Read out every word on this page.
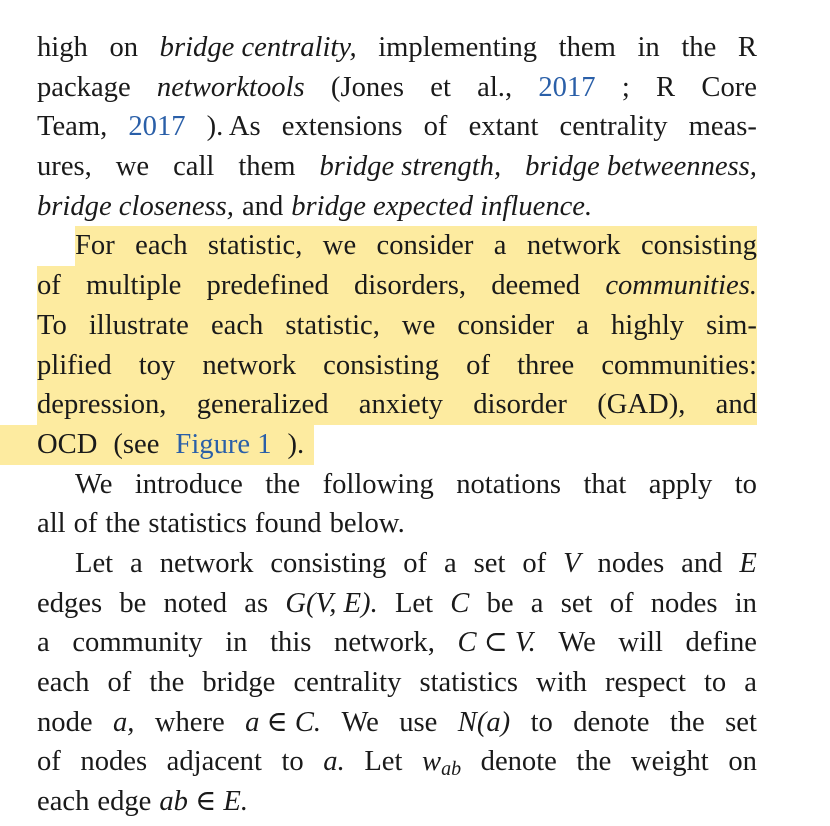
high on bridge centrality, implementing them in the R
package networktools (Jones et al., 2017 ; R Core
Team, 2017 ). As extensions of extant centrality meas-
ures, we call them bridge strength, bridge betweenness,
bridge closeness, and bridge expected influence.
For each statistic, we consider a network consisting
of multiple predefined disorders, deemed communities.
To illustrate each statistic, we consider a highly sim-
plified toy network consisting of three communities:
depression, generalized anxiety disorder (GAD), and
OCD (see Figure 1 ).
We introduce the following notations that apply to
all of the statistics found below.
Let a network consisting of a set of V nodes and E
edges be noted as G(V, E). Let C be a set of nodes in
a community in this network, C ⊂ V. We will define
each of the bridge centrality statistics with respect to a
node a, where a ∈ C. We use N(a) to denote the set
of nodes adjacent to a. Let $w_{ab}$ denote the weight on
each edge ab ∈ E.
